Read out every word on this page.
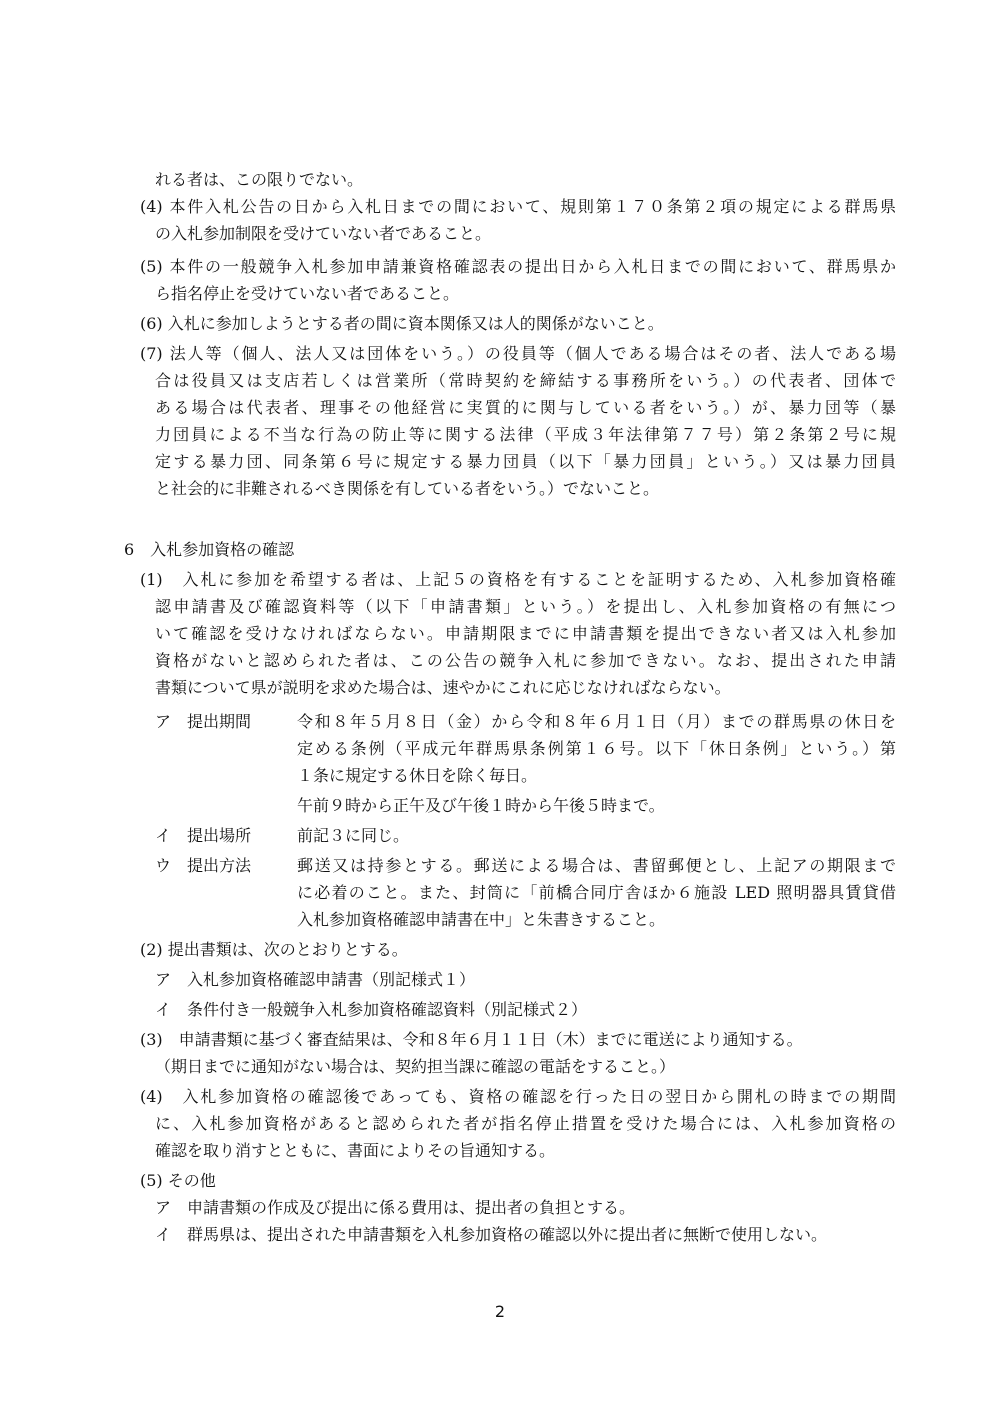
れる者は、この限りでない。
(4) 本件入札公告の日から入札日までの間において、規則第１７０条第２項の規定による群馬県
の入札参加制限を受けていない者であること。
(5) 本件の一般競争入札参加申請兼資格確認表の提出日から入札日までの間において、群馬県か
ら指名停止を受けていない者であること。
(6) 入札に参加しようとする者の間に資本関係又は人的関係がないこと。
(7) 法人等（個人、法人又は団体をいう。）の役員等（個人である場合はその者、法人である場
合は役員又は支店若しくは営業所（常時契約を締結する事務所をいう。）の代表者、団体で
ある場合は代表者、理事その他経営に実質的に関与している者をいう。）が、暴力団等（暴
力団員による不当な行為の防止等に関する法律（平成３年法律第７７号）第２条第２号に規
定する暴力団、同条第６号に規定する暴力団員（以下「暴力団員」という。）又は暴力団員
と社会的に非難されるべき関係を有している者をいう。）でないこと。
6　入札参加資格の確認
(1)　入札に参加を希望する者は、上記５の資格を有することを証明するため、入札参加資格確
認申請書及び確認資料等（以下「申請書類」という。）を提出し、入札参加資格の有無につ
いて確認を受けなければならない。申請期限までに申請書類を提出できない者又は入札参加
資格がないと認められた者は、この公告の競争入札に参加できない。なお、提出された申請
書類について県が説明を求めた場合は、速やかにこれに応じなければならない。
ア　提出期間	令和８年５月８日（金）から令和８年６月１日（月）までの群馬県の休日を
定める条例（平成元年群馬県条例第１６号。以下「休日条例」という。）第
１条に規定する休日を除く毎日。
午前９時から正午及び午後１時から午後５時まで。
イ　提出場所	前記３に同じ。
ウ　提出方法	郵送又は持参とする。郵送による場合は、書留郵便とし、上記アの期限まで
に必着のこと。また、封筒に「前橋合同庁舎ほか６施設 LED 照明器具賃貸借
入札参加資格確認申請書在中」と朱書きすること。
(2) 提出書類は、次のとおりとする。
ア　入札参加資格確認申請書（別記様式１）
イ　条件付き一般競争入札参加資格確認資料（別記様式２）
(3)　申請書類に基づく審査結果は、令和８年６月１１日（木）までに電送により通知する。
（期日までに通知がない場合は、契約担当課に確認の電話をすること。）
(4)　入札参加資格の確認後であっても、資格の確認を行った日の翌日から開札の時までの期間
に、入札参加資格があると認められた者が指名停止措置を受けた場合には、入札参加資格の
確認を取り消すとともに、書面によりその旨通知する。
(5) その他
ア　申請書類の作成及び提出に係る費用は、提出者の負担とする。
イ　群馬県は、提出された申請書類を入札参加資格の確認以外に提出者に無断で使用しない。
2
